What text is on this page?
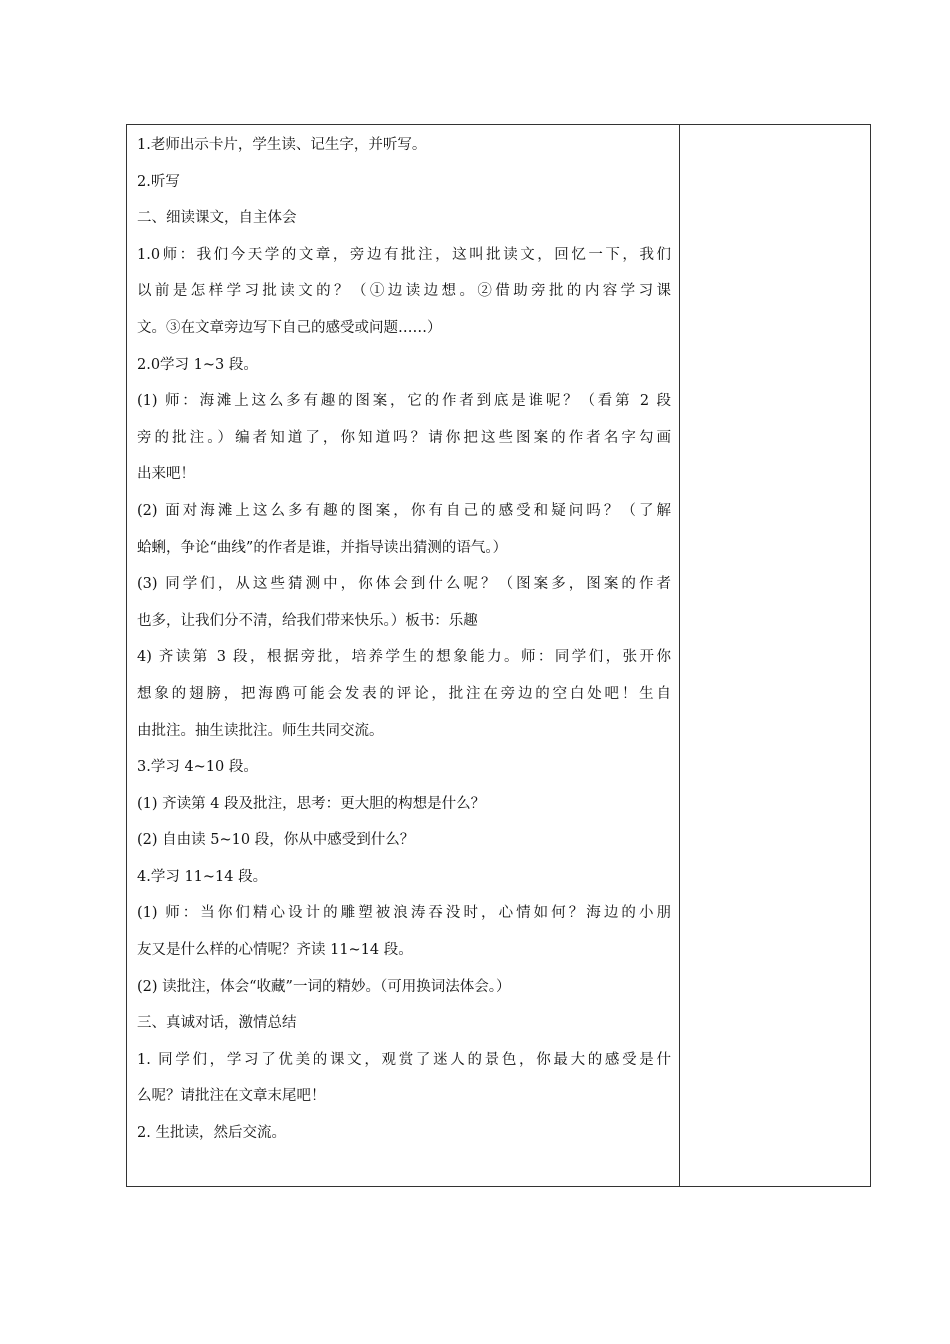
1.老师出示卡片，学生读、记生字，并听写。
2.听写
二、细读课文，自主体会
1.0师：我们今天学的文章，旁边有批注，这叫批读文，回忆一下，我们
以前是怎样学习批读文的？（①边读边想。②借助旁批的内容学习课
文。③在文章旁边写下自己的感受或问题……）
2.0学习 1~3 段。
(1) 师：海滩上这么多有趣的图案，它的作者到底是谁呢？（看第 2 段
旁的批注。）编者知道了，你知道吗？请你把这些图案的作者名字勾画
出来吧！
(2) 面对海滩上这么多有趣的图案，你有自己的感受和疑问吗？（了解
蛤蜊，争论“曲线”的作者是谁，并指导读出猜测的语气。）
(3) 同学们，从这些猜测中，你体会到什么呢？（图案多，图案的作者
也多，让我们分不清，给我们带来快乐。）板书：乐趣
4) 齐读第 3 段，根据旁批，培养学生的想象能力。师：同学们，张开你
想象的翅膀，把海鸥可能会发表的评论，批注在旁边的空白处吧！生自
由批注。抽生读批注。师生共同交流。
3.学习 4~10 段。
(1) 齐读第 4 段及批注，思考：更大胆的构想是什么？
(2) 自由读 5~10 段，你从中感受到什么？
4.学习 11~14 段。
(1) 师：当你们精心设计的雕塑被浪涛吞没时，心情如何？海边的小朋
友又是什么样的心情呢？齐读 11~14 段。
(2) 读批注，体会“收藏”一词的精妙。（可用换词法体会。）
三、真诚对话，激情总结
1. 同学们，学习了优美的课文，观赏了迷人的景色，你最大的感受是什
么呢？请批注在文章末尾吧！
2. 生批读，然后交流。
